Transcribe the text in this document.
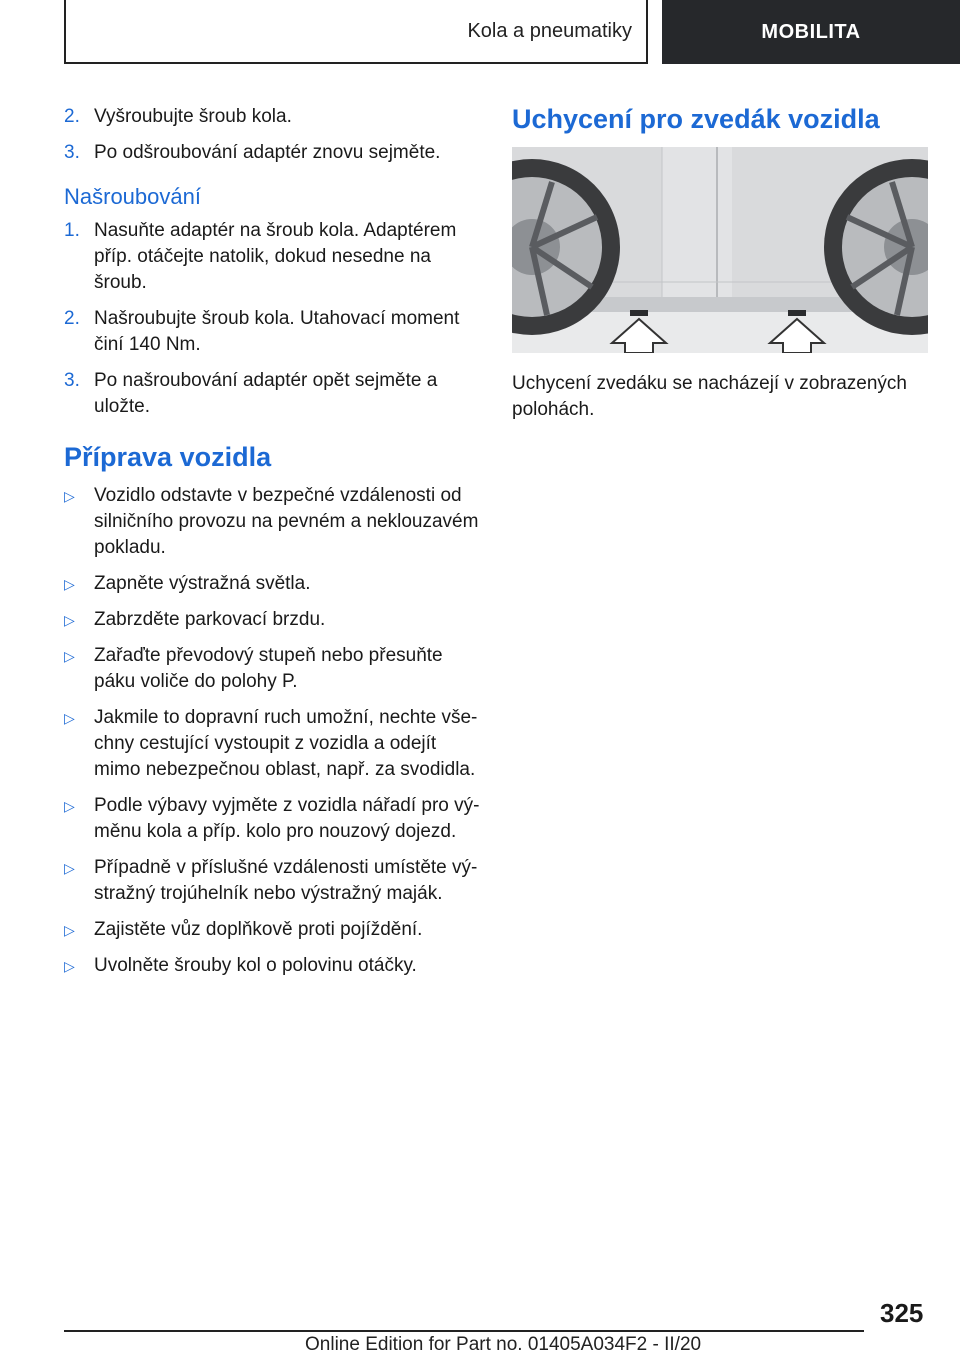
Kola a pneumatiky	MOBILITA
2. Vyšroubujte šroub kola.
3. Po odšroubování adaptér znovu sejměte.
Našroubování
1. Nasuňte adaptér na šroub kola. Adaptérem příp. otáčejte natolik, dokud nesedne na šroub.
2. Našroubujte šroub kola. Utahovací moment činí 140 Nm.
3. Po našroubování adaptér opět sejměte a uložte.
Příprava vozidla
▷ Vozidlo odstavte v bezpečné vzdálenosti od silničního provozu na pevném a neklouzavém pokladu.
▷ Zapněte výstražná světla.
▷ Zabrzděte parkovací brzdu.
▷ Zařaďte převodový stupeň nebo přesuňte páku voliče do polohy P.
▷ Jakmile to dopravní ruch umožní, nechte všechny cestující vystoupit z vozidla a odejít mimo nebezpečnou oblast, např. za svodidla.
▷ Podle výbavy vyjměte z vozidla nářadí pro výměnu kola a příp. kolo pro nouzový dojezd.
▷ Případně v příslušné vzdálenosti umístěte výstražný trojúhelník nebo výstražný maják.
▷ Zajistěte vůz doplňkově proti pojíždění.
▷ Uvolněte šrouby kol o polovinu otáčky.
Uchycení pro zvedák vozidla
Uchycení zvedáku se nacházejí v zobrazených polohách.
325
Online Edition for Part no. 01405A034F2 - II/20
